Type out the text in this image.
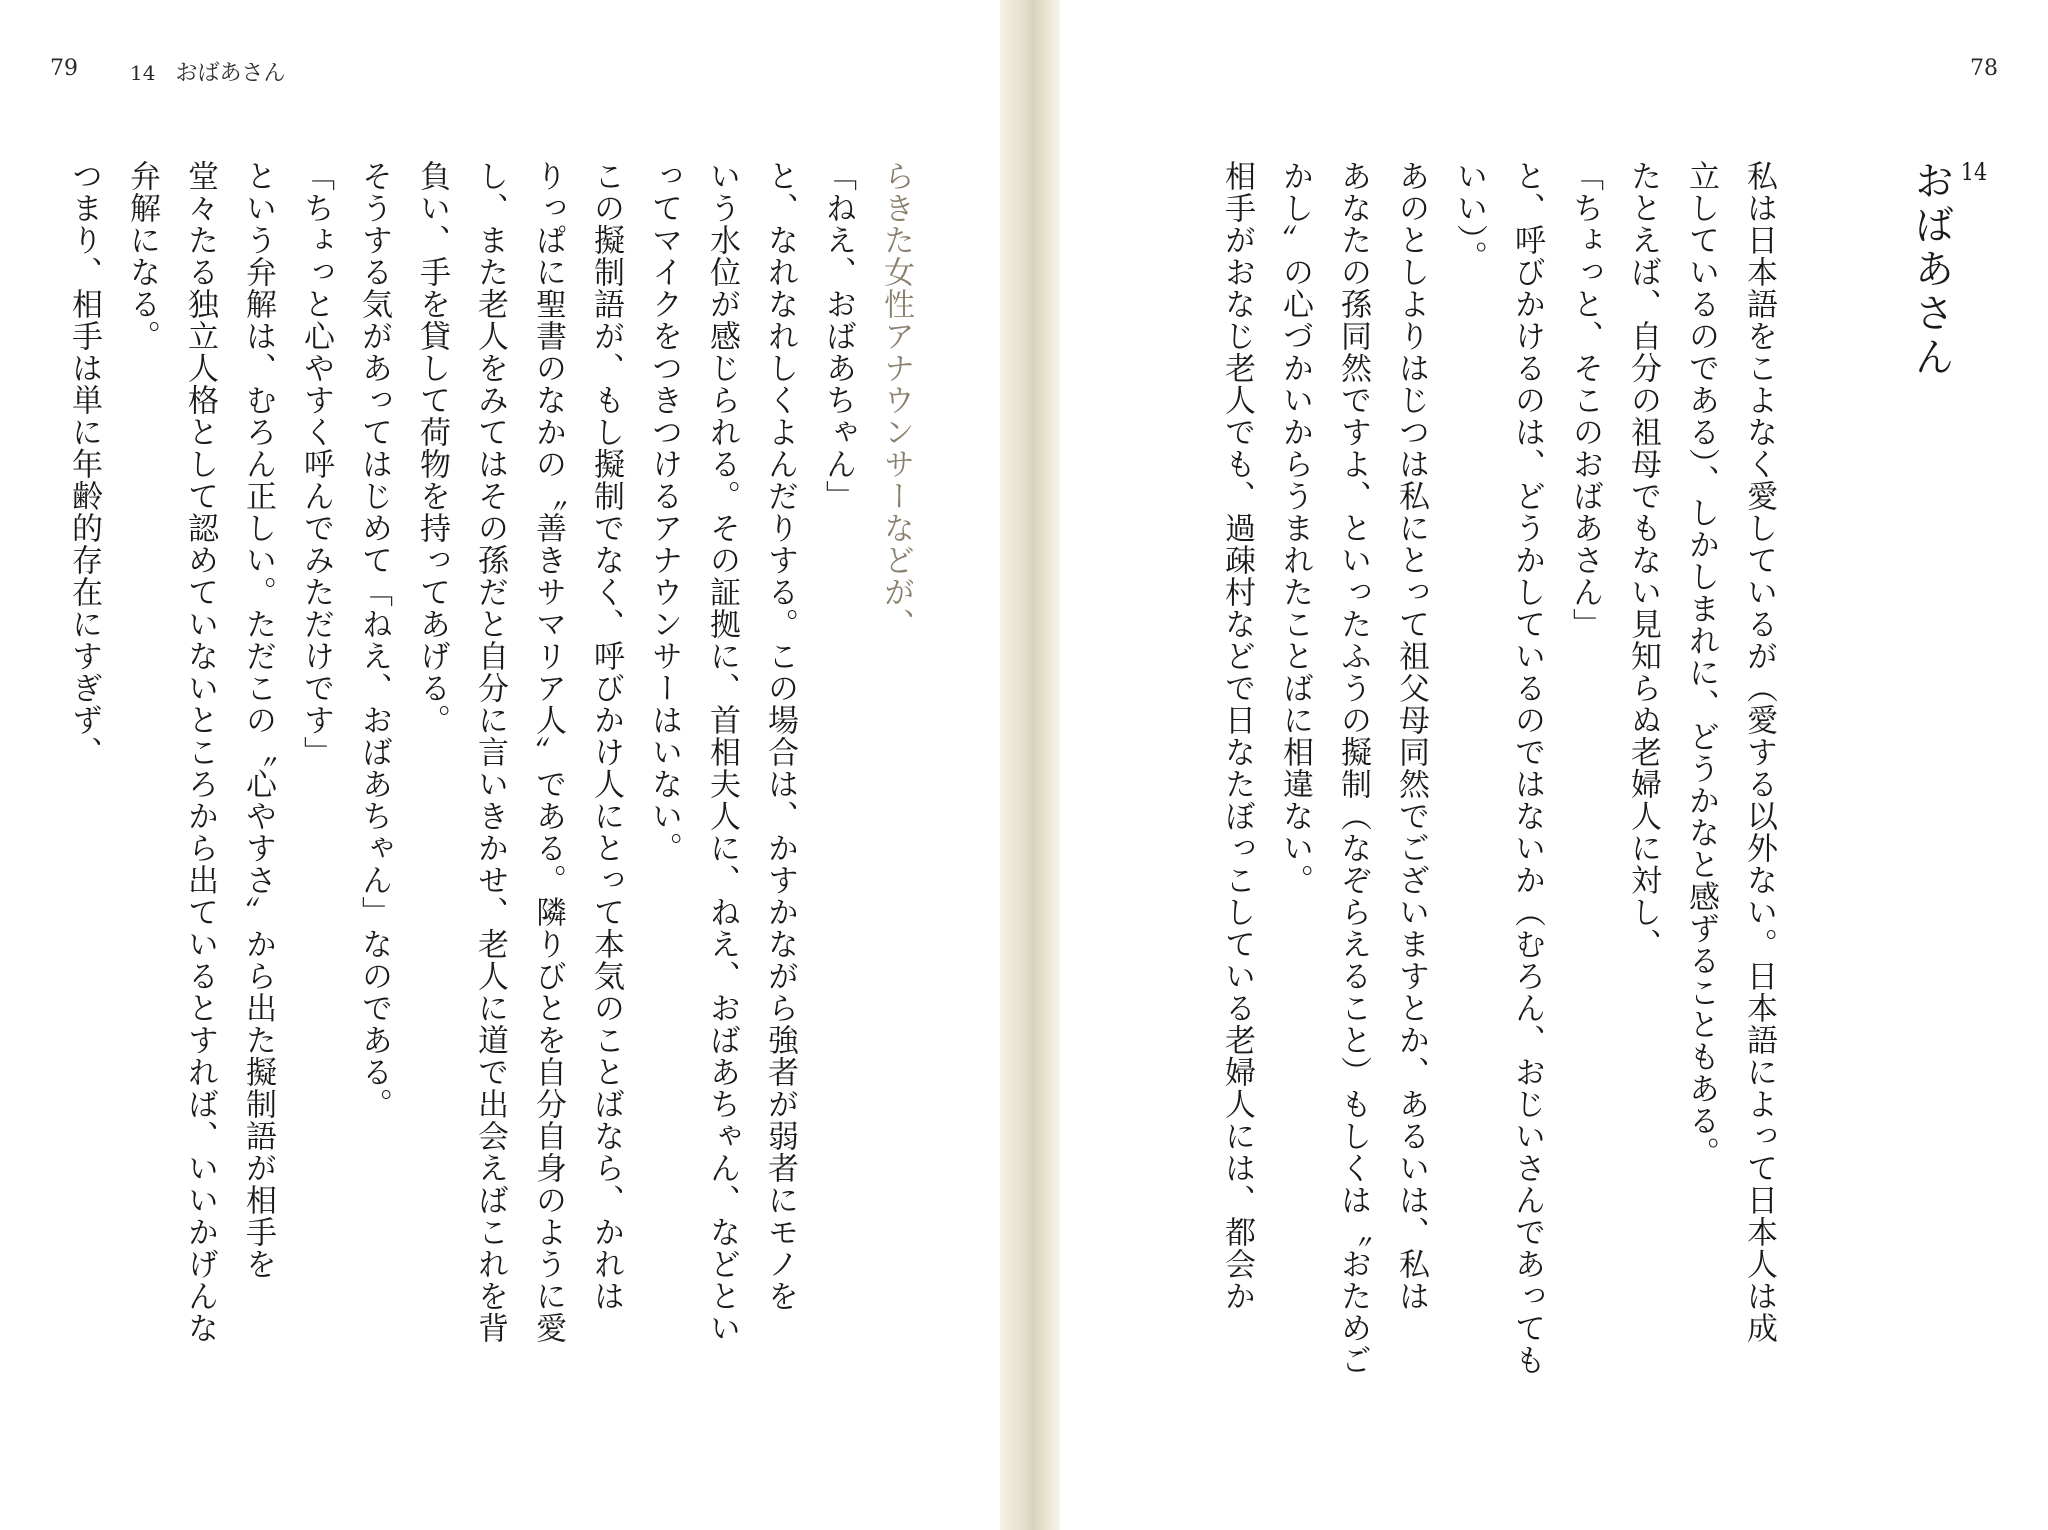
79	14 おばあさん

らきた女性アナウンサーなどが、

「ねえ、おばあちゃん」

と、なれなれしくよんだりする。この場合は、かすかながら強者が弱者にモノを

いう水位が感じられる。その証拠に、首相夫人に、ねえ、おばあちゃん、などとい

ってマイクをつきつけるアナウンサーはいない。

この擬制語が、もし擬制でなく、呼びかけ人にとって本気のことばなら、かれは

りっぱに聖書のなかの〝善きサマリア人〟である。隣りびとを自分自身のように愛

し、また老人をみてはその孫だと自分に言いきかせ、老人に道で出会えばこれを背

負い、手を貸して荷物を持ってあげる。

そうする気があってはじめて「ねえ、おばあちゃん」なのである。

「ちょっと心やすく呼んでみただけです」

という弁解は、むろん正しい。ただこの〝心やすさ〟から出た擬制語が相手を

堂々たる独立人格として認めていないところから出ているとすれば、いいかげんな

弁解になる。

つまり、相手は単に年齢的存在にすぎず、

78
14
おばあさん

私は日本語をこよなく愛しているが（愛する以外ない。日本語によって日本人は成

立しているのである）、しかしまれに、どうかなと感ずることもある。

たとえば、自分の祖母でもない見知らぬ老婦人に対し、

「ちょっと、そこのおばあさん」

と、呼びかけるのは、どうかしているのではないか（むろん、おじいさんであっても

いい）。

あのとしよりはじつは私にとって祖父母同然でございますとか、あるいは、私は

あなたの孫同然ですよ、といったふうの擬制（なぞらえること）もしくは〝おためご

かし〟の心づかいからうまれたことばに相違ない。

相手がおなじ老人でも、過疎村などで日なたぼっこしている老婦人には、都会か
